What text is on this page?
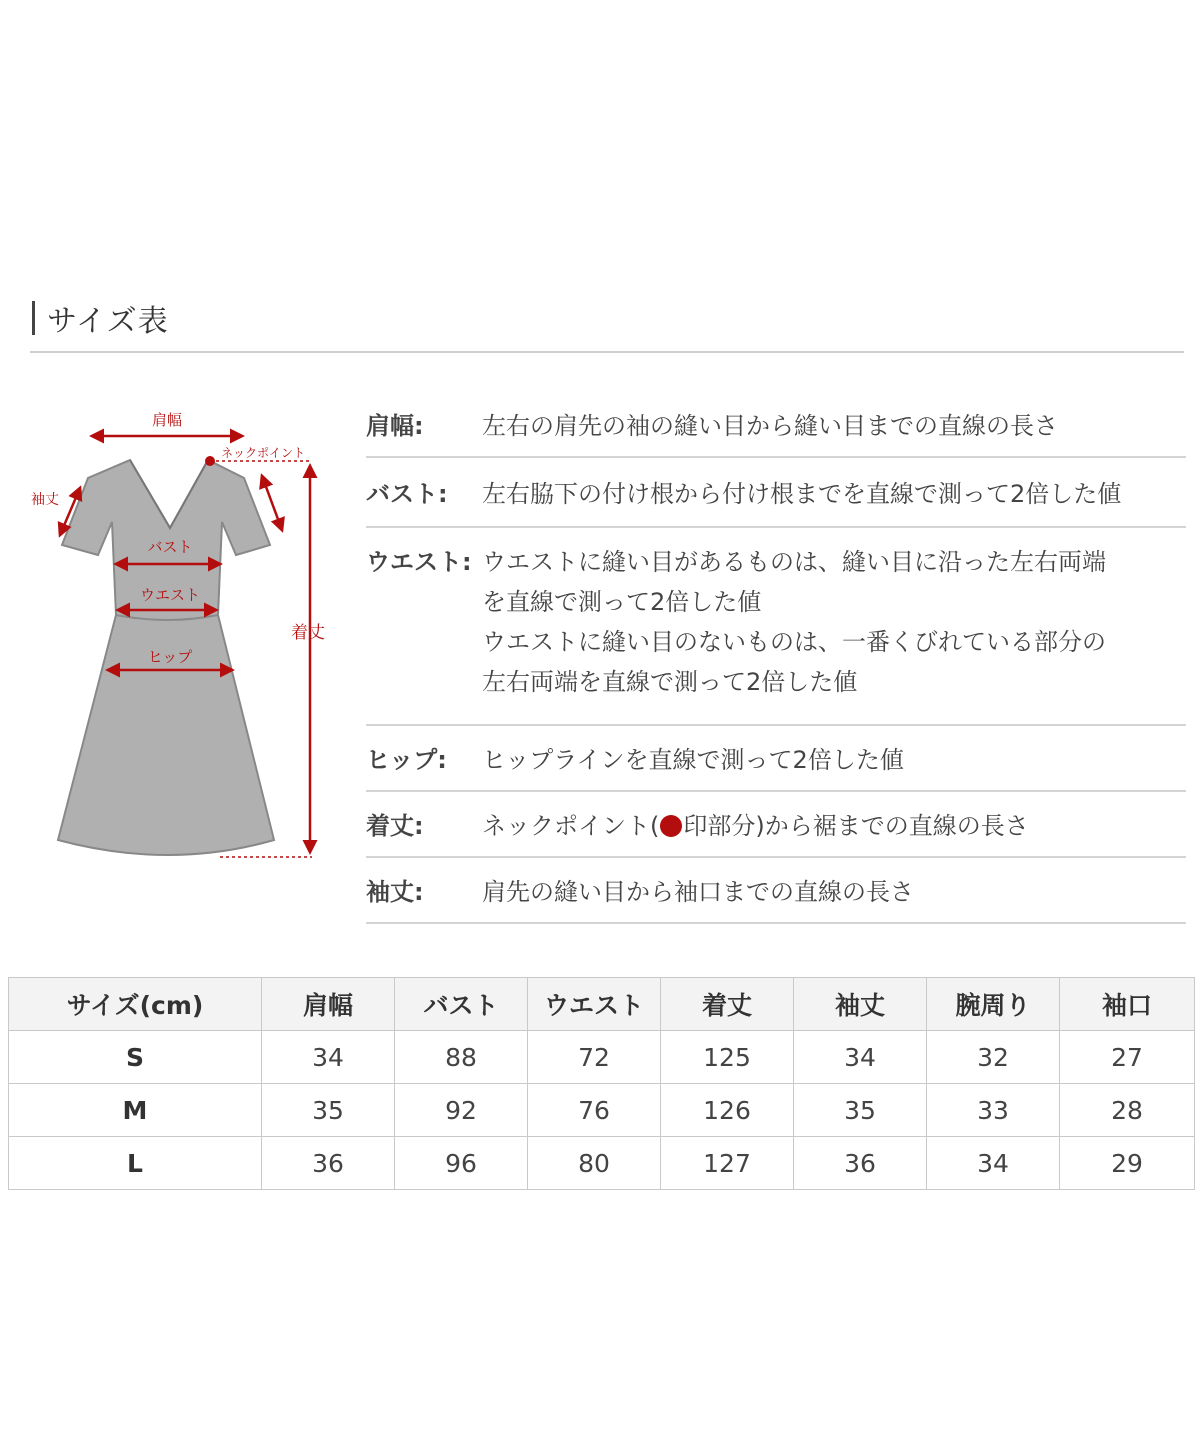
サイズ表
肩幅
ネックポイント
袖丈
バスト
ウエスト
ヒップ
着丈
肩幅:	左右の肩先の袖の縫い目から縫い目までの直線の長さ
バスト:	左右脇下の付け根から付け根までを直線で測って2倍した値
ウエスト: ウエストに縫い目があるものは、縫い目に沿った左右両端
を直線で測って2倍した値
ウエストに縫い目のないものは、一番くびれている部分の
左右両端を直線で測って2倍した値
ヒップ:	ヒップラインを直線で測って2倍した値
着丈:	ネックポイント( 印部分)から裾までの直線の長さ
袖丈:	肩先の縫い目から袖口までの直線の長さ
サイズ(cm)	肩幅	バスト	ウエスト	着丈	袖丈	腕周り	袖口
S	34	88	72	125	34	32	27
M	35	92	76	126	35	33	28
L	36	96	80	127	36	34	29
